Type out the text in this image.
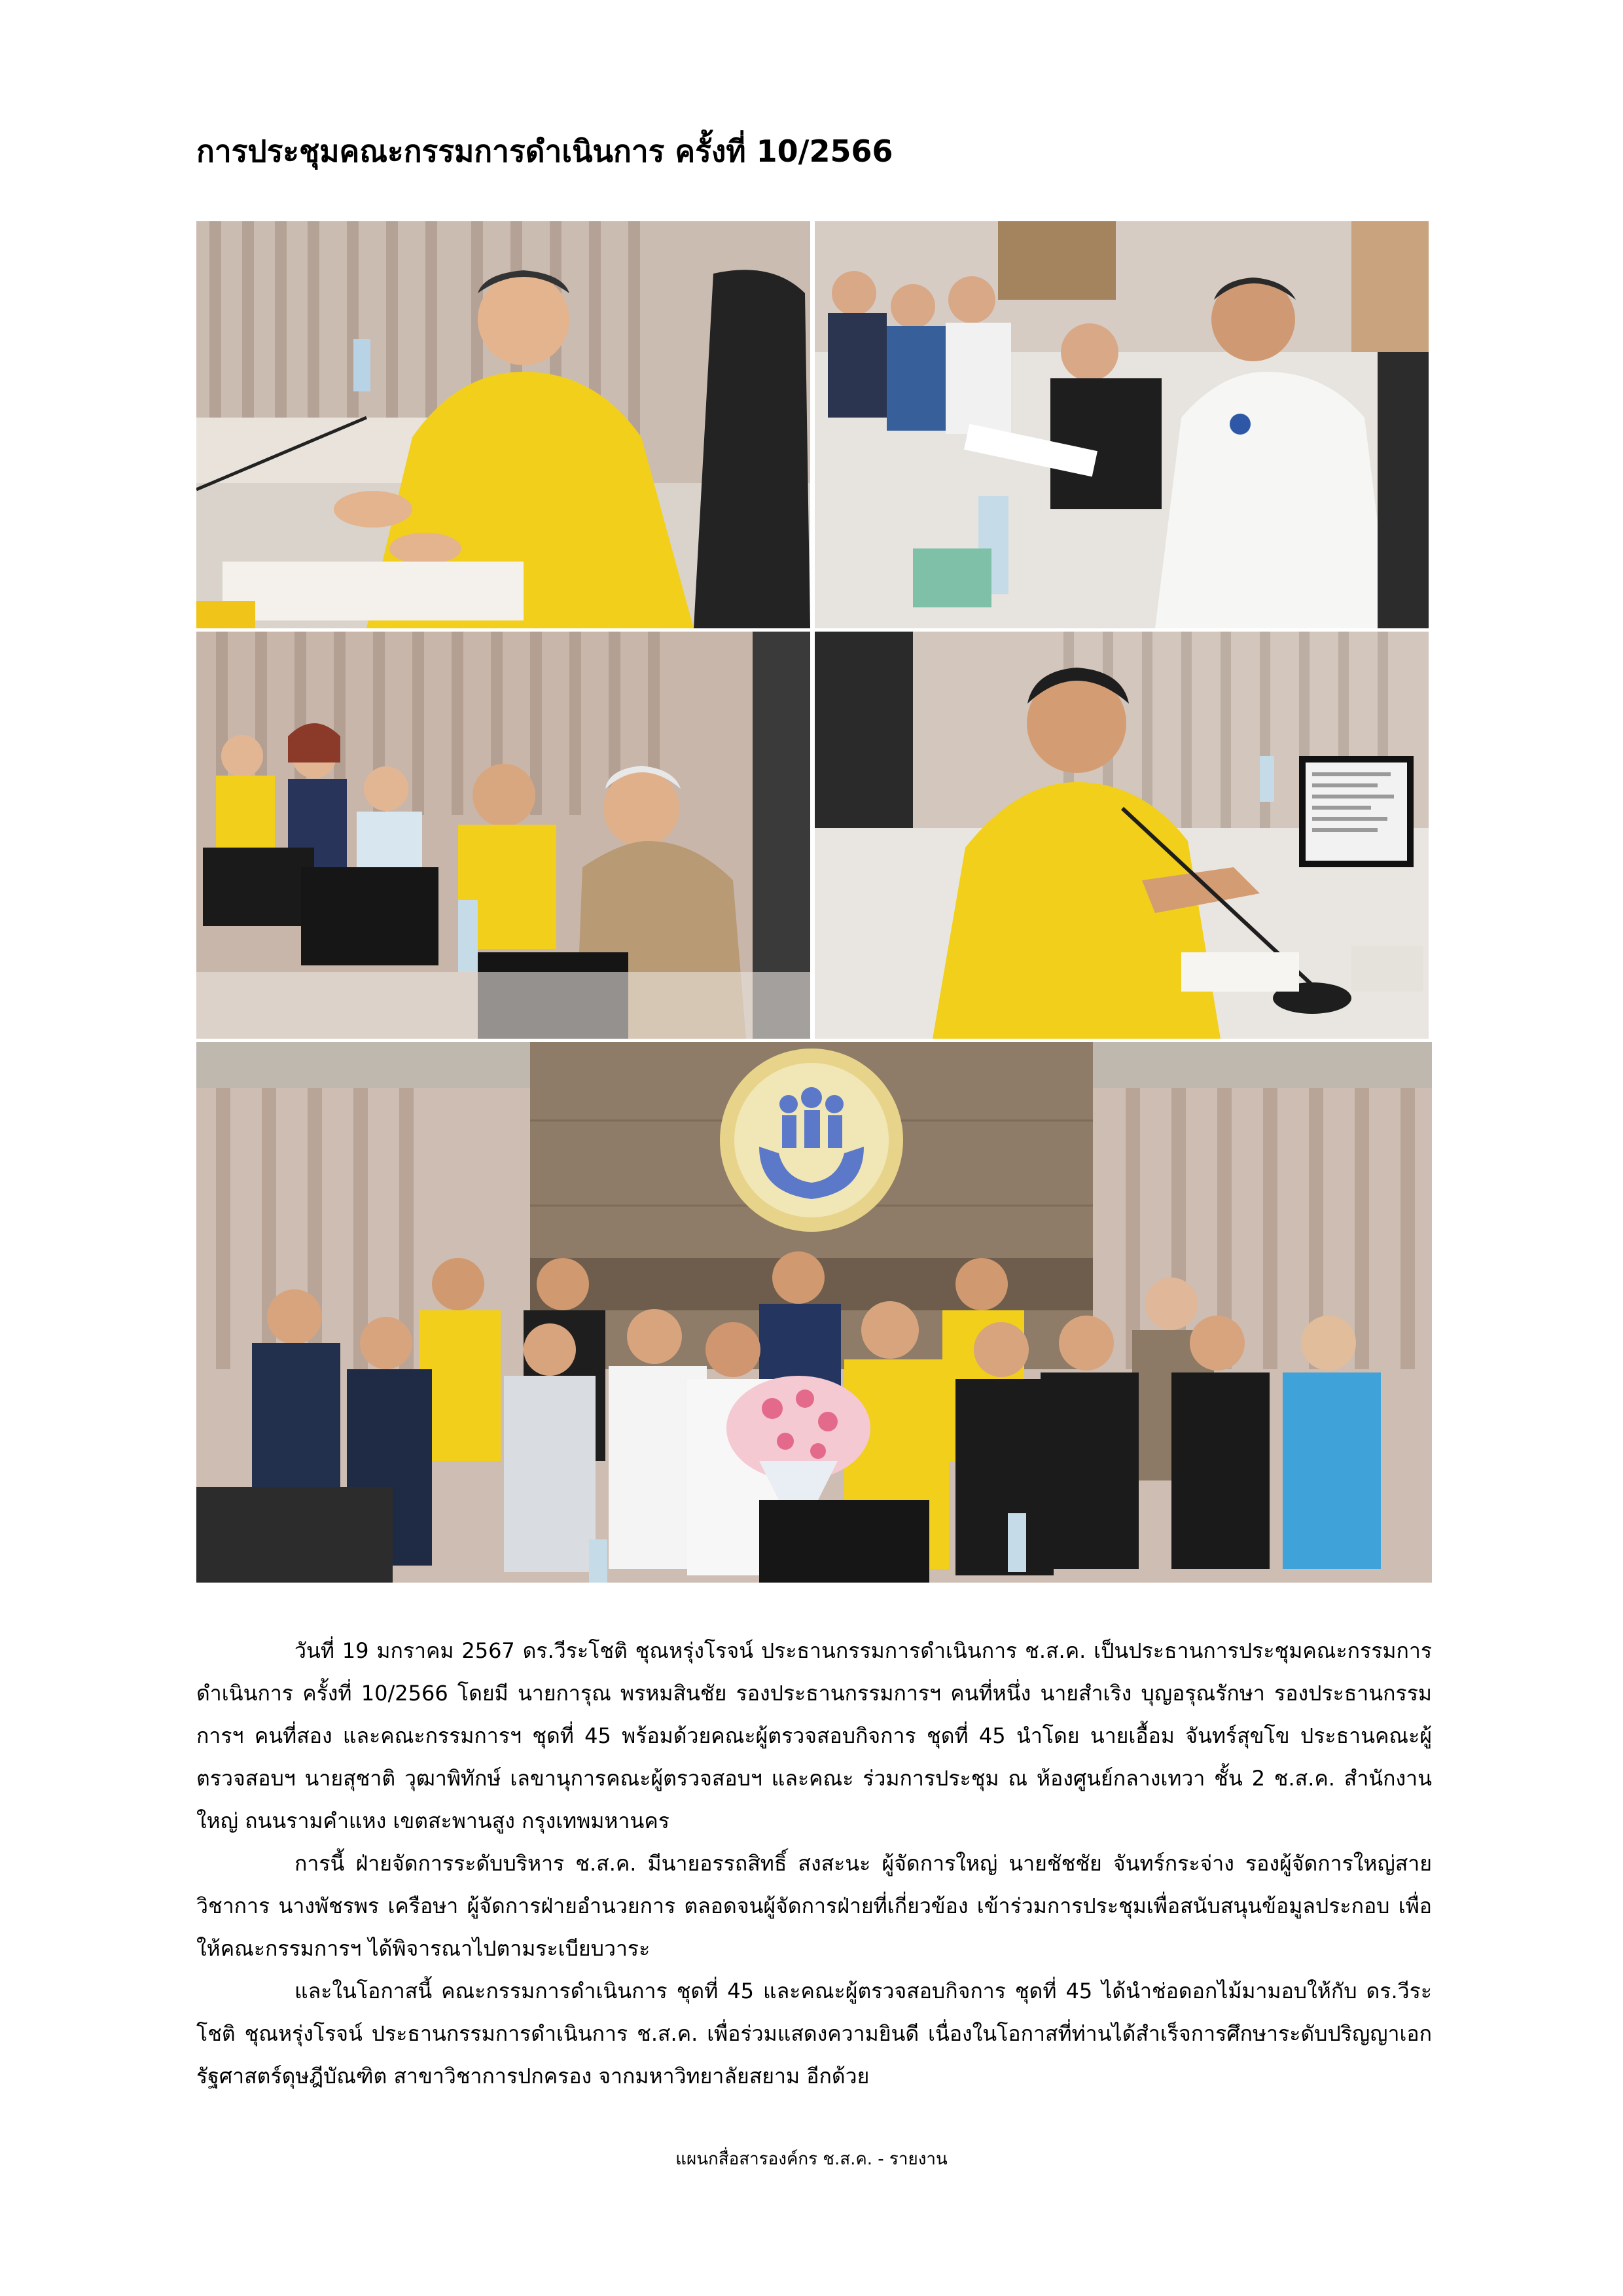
การประชุมคณะกรรมการดำเนินการ ครั้งที่ 10/2566

วันที่ 19 มกราคม 2567 ดร.วีระโชติ ชุณหรุ่งโรจน์ ประธานกรรมการดำเนินการ ช.ส.ค. เป็นประธานการประชุมคณะกรรมการดำเนินการ ครั้งที่ 10/2566 โดยมี นายการุณ พรหมสินชัย รองประธานกรรมการฯ คนที่หนึ่ง นายสำเริง บุญอรุณรักษา รองประธานกรรมการฯ คนที่สอง และคณะกรรมการฯ ชุดที่ 45 พร้อมด้วยคณะผู้ตรวจสอบกิจการ ชุดที่ 45 นำโดย นายเอื้อม จันทร์สุขโข ประธานคณะผู้ตรวจสอบฯ นายสุชาติ วุฒาพิทักษ์ เลขานุการคณะผู้ตรวจสอบฯ และคณะ ร่วมการประชุม ณ ห้องศูนย์กลางเทวา ชั้น 2 ช.ส.ค. สำนักงานใหญ่ ถนนรามคำแหง เขตสะพานสูง กรุงเทพมหานคร

การนี้ ฝ่ายจัดการระดับบริหาร ช.ส.ค. มีนายอรรถสิทธิ์ สงสะนะ ผู้จัดการใหญ่ นายชัชชัย จันทร์กระจ่าง รองผู้จัดการใหญ่สายวิชาการ นางพัชรพร เครือษา ผู้จัดการฝ่ายอำนวยการ ตลอดจนผู้จัดการฝ่ายที่เกี่ยวข้อง เข้าร่วมการประชุมเพื่อสนับสนุนข้อมูลประกอบ เพื่อให้คณะกรรมการฯ ได้พิจารณาไปตามระเบียบวาระ

และในโอกาสนี้ คณะกรรมการดำเนินการ ชุดที่ 45 และคณะผู้ตรวจสอบกิจการ ชุดที่ 45 ได้นำช่อดอกไม้มามอบให้กับ ดร.วีระโชติ ชุณหรุ่งโรจน์ ประธานกรรมการดำเนินการ ช.ส.ค. เพื่อร่วมแสดงความยินดี เนื่องในโอกาสที่ท่านได้สำเร็จการศึกษาระดับปริญญาเอก รัฐศาสตร์ดุษฎีบัณฑิต สาขาวิชาการปกครอง จากมหาวิทยาลัยสยาม อีกด้วย

แผนกสื่อสารองค์กร ช.ส.ค. - รายงาน
